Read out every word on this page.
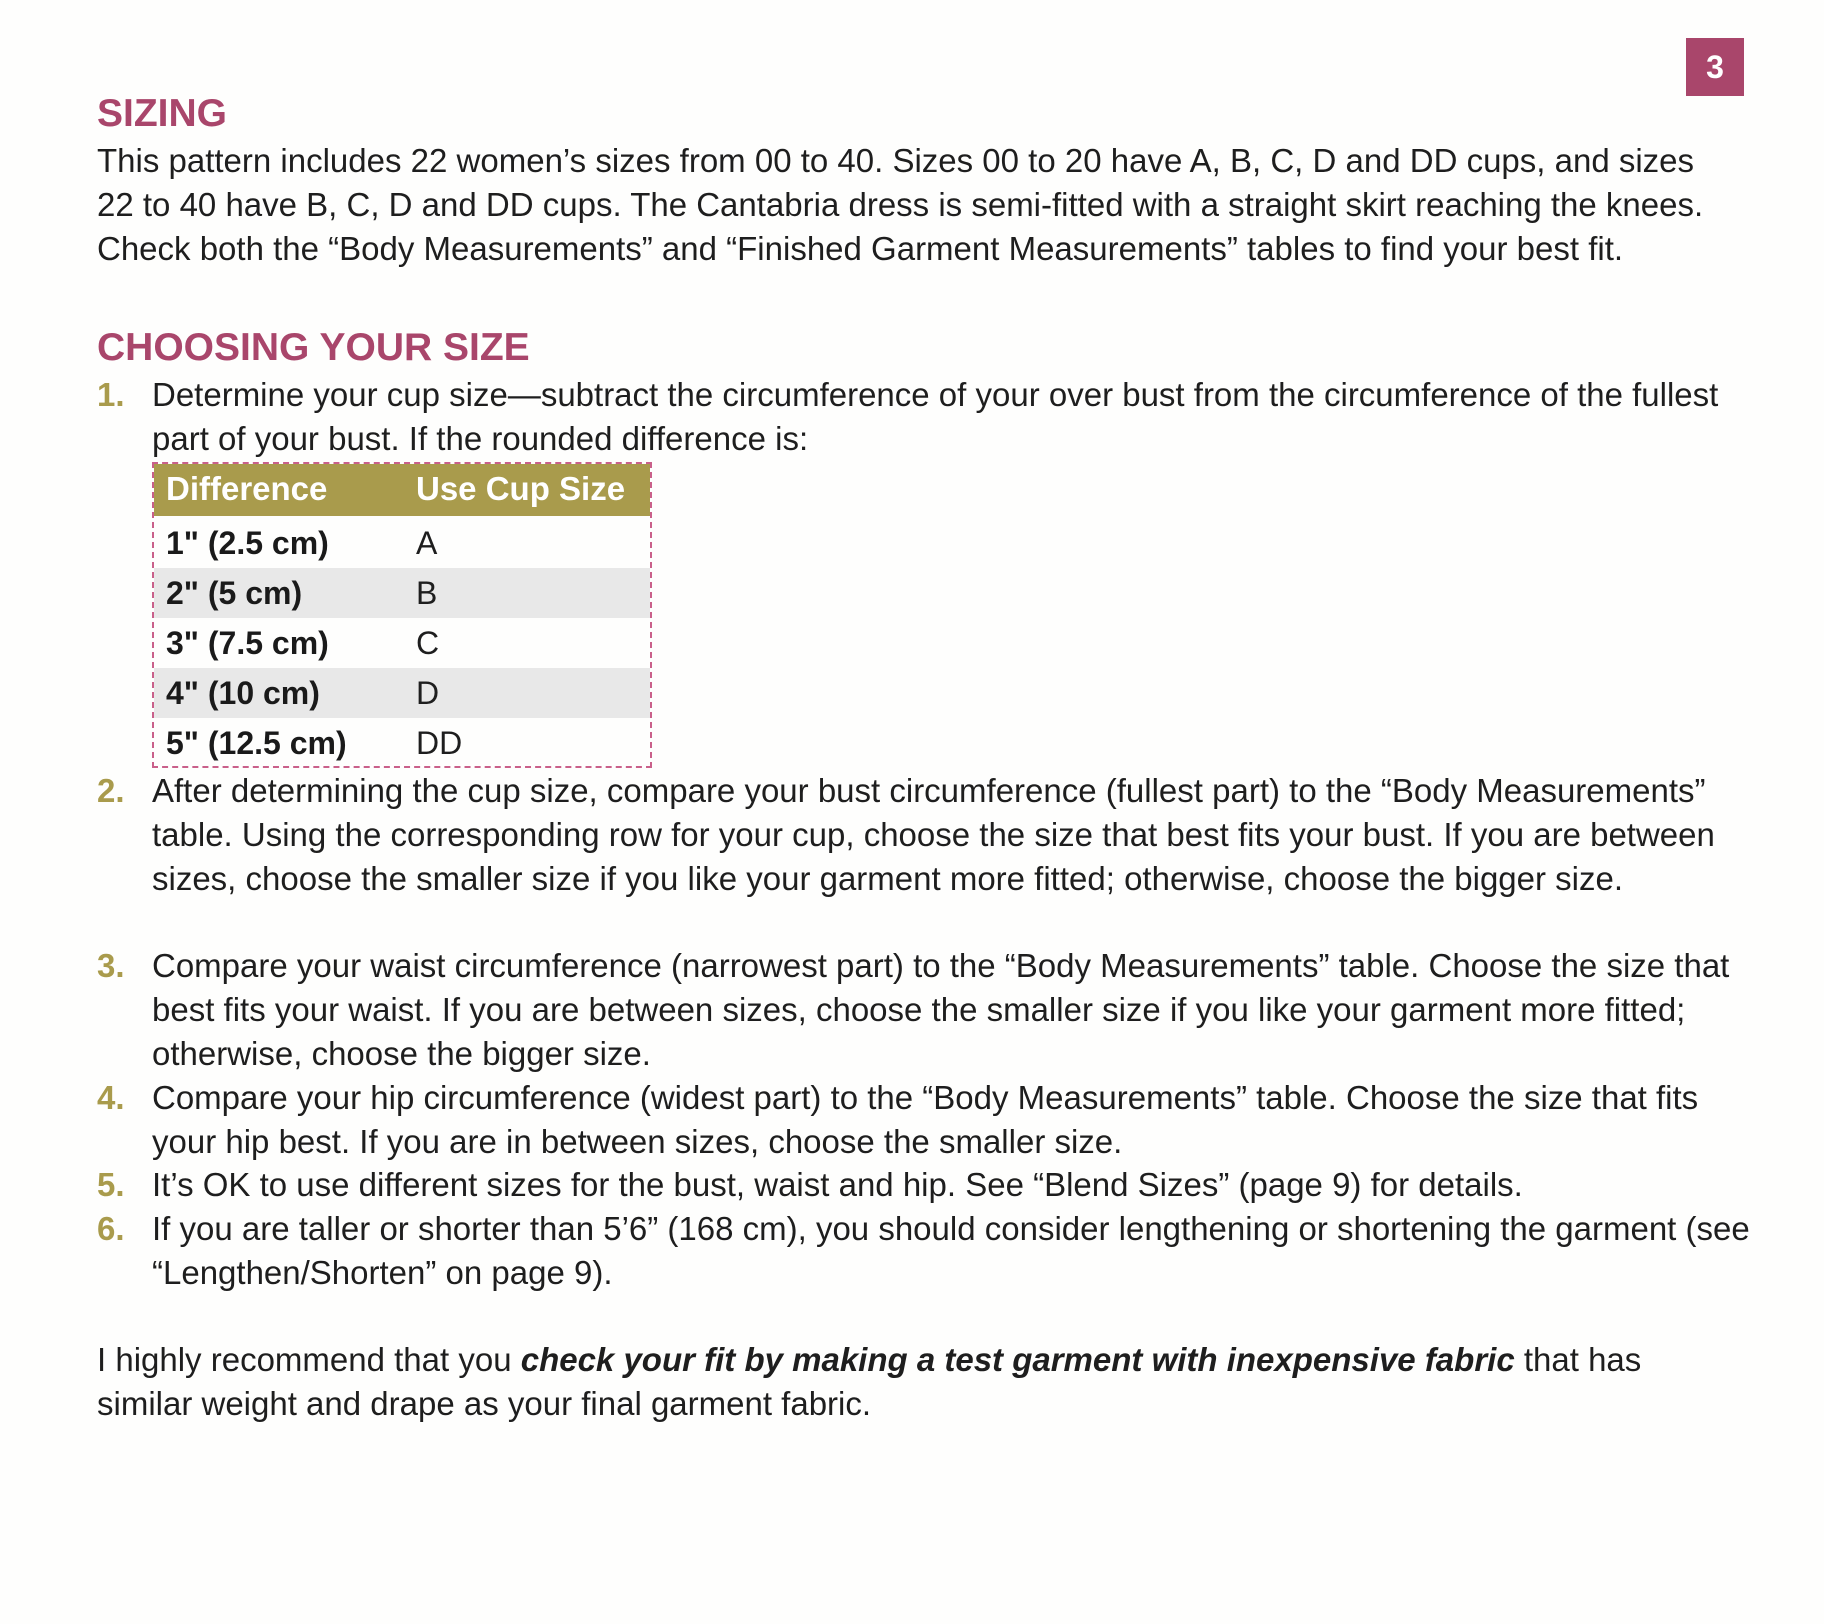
3
SIZING

This pattern includes 22 women’s sizes from 00 to 40. Sizes 00 to 20 have A, B, C, D and DD cups, and sizes 22 to 40 have B, C, D and DD cups. The Cantabria dress is semi-fitted with a straight skirt reaching the knees. Check both the “Body Measurements” and “Finished Garment Measurements” tables to find your best fit.

CHOOSING YOUR SIZE
1. Determine your cup size—subtract the circumference of your over bust from the circumference of the fullest part of your bust. If the rounded difference is:
Difference	Use Cup Size
1" (2.5 cm)	A
2" (5 cm)	B
3" (7.5 cm)	C
4" (10 cm)	D
5" (12.5 cm) DD
2. After determining the cup size, compare your bust circumference (fullest part) to the “Body Measurements” table. Using the corresponding row for your cup, choose the size that best fits your bust. If you are between sizes, choose the smaller size if you like your garment more fitted; otherwise, choose the bigger size.
3. Compare your waist circumference (narrowest part) to the “Body Measurements” table. Choose the size that best fits your waist. If you are between sizes, choose the smaller size if you like your garment more fitted; otherwise, choose the bigger size.
4. Compare your hip circumference (widest part) to the “Body Measurements” table. Choose the size that fits your hip best. If you are in between sizes, choose the smaller size.
5. It’s OK to use different sizes for the bust, waist and hip. See “Blend Sizes” (page 9) for details.
6. If you are taller or shorter than 5’6” (168 cm), you should consider lengthening or shortening the garment (see “Lengthen/Shorten” on page 9).

I highly recommend that you check your fit by making a test garment with inexpensive fabric that has similar weight and drape as your final garment fabric.
